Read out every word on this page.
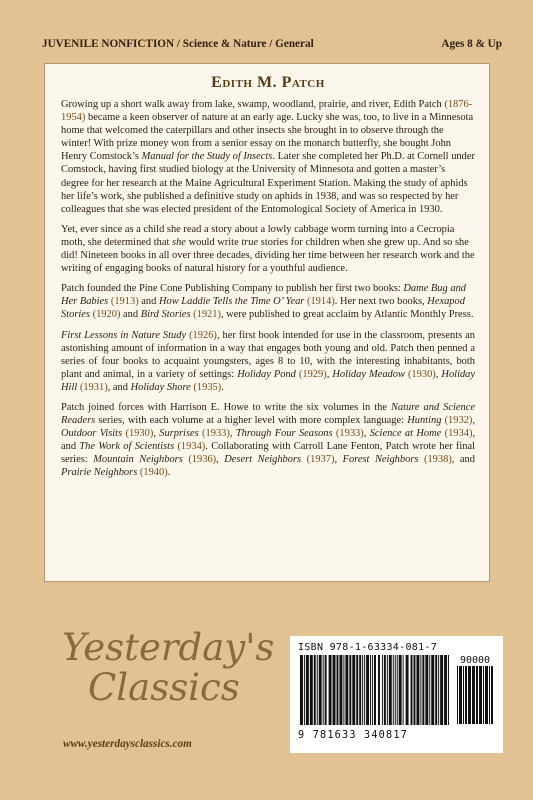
JUVENILE NONFICTION / Science & Nature / General	Ages 8 & Up
Edith M. Patch

Growing up a short walk away from lake, swamp, woodland, prairie, and river, Edith Patch (1876-1954) became a keen observer of nature at an early age. Lucky she was, too, to live in a Minnesota home that welcomed the caterpillars and other insects she brought in to observe through the winter! With prize money won from a senior essay on the monarch butterfly, she bought John Henry Comstock’s Manual for the Study of Insects. Later she completed her Ph.D. at Cornell under Comstock, having first studied biology at the University of Minnesota and gotten a master’s degree for her research at the Maine Agricultural Experiment Station. Making the study of aphids her life’s work, she published a definitive study on aphids in 1938, and was so respected by her colleagues that she was elected president of the Entomological Society of America in 1930.

Yet, ever since as a child she read a story about a lowly cabbage worm turning into a Cecropia moth, she determined that she would write true stories for children when she grew up. And so she did! Nineteen books in all over three decades, dividing her time between her research work and the writing of engaging books of natural history for a youthful audience.

Patch founded the Pine Cone Publishing Company to publish her first two books: Dame Bug and Her Babies (1913) and How Laddie Tells the Time O’ Year (1914). Her next two books, Hexapod Stories (1920) and Bird Stories (1921), were published to great acclaim by Atlantic Monthly Press.

First Lessons in Nature Study (1926), her first book intended for use in the classroom, presents an astonishing amount of information in a way that engages both young and old. Patch then penned a series of four books to acquaint youngsters, ages 8 to 10, with the interesting inhabitants, both plant and animal, in a variety of settings: Holiday Pond (1929), Holiday Meadow (1930), Holiday Hill (1931), and Holiday Shore (1935).

Patch joined forces with Harrison E. Howe to write the six volumes in the Nature and Science Readers series, with each volume at a higher level with more complex language: Hunting (1932), Outdoor Visits (1930), Surprises (1933), Through Four Seasons (1933), Science at Home (1934), and The Work of Scientists (1934). Collaborating with Carroll Lane Fenton, Patch wrote her final series: Mountain Neighbors (1936), Desert Neighbors (1937), Forest Neighbors (1938), and Prairie Neighbors (1940).

Yesterday's
Classics
www.yesterdaysclassics.com
ISBN 978-1-63334-081-7
90000
9 781633 340817
